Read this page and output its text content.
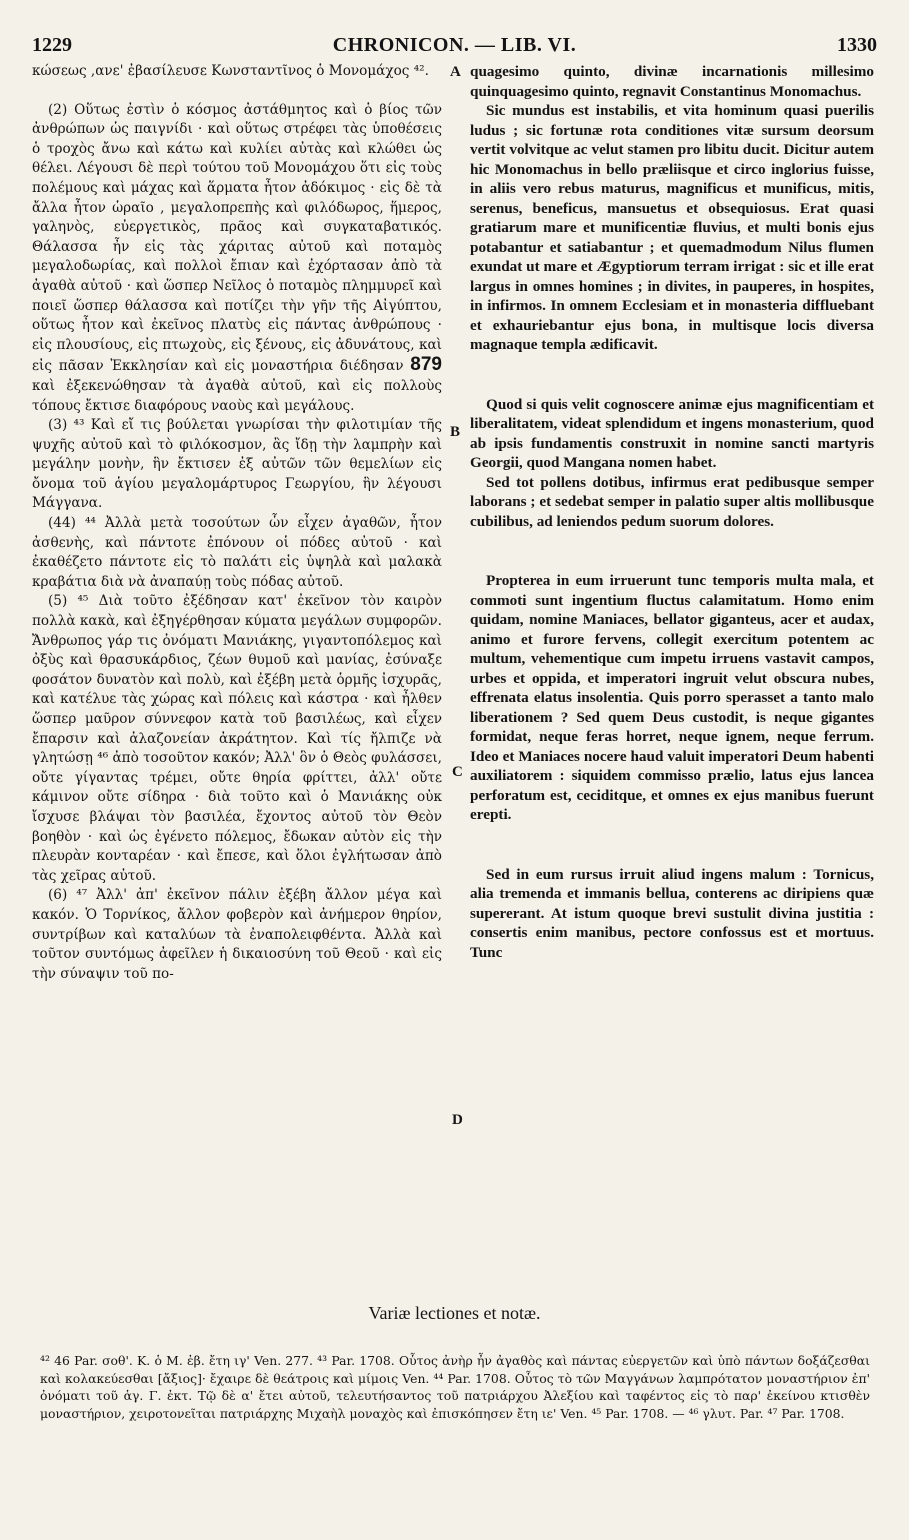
1229	CHRONICON. — LIB. VI.	1330

κώσεως ,ανε' ἐβασίλευσε Κωνσταντῖνος ὁ Μονομάχος ⁴².

(2) Οὕτως ἐστὶν ὁ κόσμος ἀστάθμητος καὶ ὁ βίος τῶν ἀνθρώπων ὡς παιγνίδι · καὶ οὕτως στρέφει τὰς ὑποθέσεις ὁ τροχὸς ἄνω καὶ κάτω καὶ κυλίει αὐτὰς καὶ κλώθει ὡς θέλει. Λέγουσι δὲ περὶ τούτου τοῦ Μονομάχου ὅτι εἰς τοὺς πολέμους καὶ μάχας καὶ ἅρματα ἦτον ἀδόκιμος · εἰς δὲ τὰ ἄλλα ἦτον ὡραῖο , μεγαλοπρεπὴς καὶ φιλόδωρος, ἥμερος, γαληνὸς, εὐεργετικὸς, πρᾶος καὶ συγκαταβατικός. Θάλασσα ἦν εἰς τὰς χάριτας αὐτοῦ καὶ ποταμὸς μεγαλοδωρίας, καὶ πολλοὶ ἔπιαν καὶ ἐχόρτασαν ἀπὸ τὰ ἀγαθὰ αὐτοῦ · καὶ ὥσπερ Νεῖλος ὁ ποταμὸς πλημμυρεῖ καὶ ποιεῖ ὥσπερ θάλασσα καὶ ποτίζει τὴν γῆν τῆς Αἰγύπτου, οὕτως ἦτον καὶ ἐκεῖνος πλατὺς εἰς πάντας ἀνθρώπους · εἰς πλουσίους, εἰς πτωχοὺς, εἰς ξένους, εἰς ἀδυνάτους, καὶ εἰς πᾶσαν Ἐκκλησίαν καὶ εἰς μοναστήρια διέδησαν 879 καὶ ἐξεκενώθησαν τὰ ἀγαθὰ αὐτοῦ, καὶ εἰς πολλοὺς τόπους ἔκτισε διαφόρους ναοὺς καὶ μεγάλους.

(3) ⁴³ Καὶ εἴ τις βούλεται γνωρίσαι τὴν φιλοτιμίαν τῆς ψυχῆς αὐτοῦ καὶ τὸ φιλόκοσμον, ἂς ἴδῃ τὴν λαμπρὴν καὶ μεγάλην μονὴν, ἣν ἔκτισεν ἐξ αὐτῶν τῶν θεμελίων εἰς ὄνομα τοῦ ἁγίου μεγαλομάρτυρος Γεωργίου, ἣν λέγουσι Μάγγανα.

(44) ⁴⁴ Ἀλλὰ μετὰ τοσούτων ὧν εἶχεν ἀγαθῶν, ἦτον ἀσθενὴς, καὶ πάντοτε ἐπόνουν οἱ πόδες αὐτοῦ · καὶ ἐκαθέζετο πάντοτε εἰς τὸ παλάτι εἰς ὑψηλὰ καὶ μαλακὰ κραβάτια διὰ νὰ ἀναπαύῃ τοὺς πόδας αὐτοῦ.

(5) ⁴⁵ Διὰ τοῦτο ἐξέδησαν κατ' ἐκεῖνον τὸν καιρὸν πολλὰ κακὰ, καὶ ἐξηγέρθησαν κύματα μεγάλων συμφορῶν. Ἄνθρωπος γάρ τις ὀνόματι Μανιάκης, γιγαντοπόλεμος καὶ ὀξὺς καὶ θρασυκάρδιος, ζέων θυμοῦ καὶ μανίας, ἐσύναξε φοσάτον δυνατὸν καὶ πολὺ, καὶ ἐξέβη μετὰ ὁρμῆς ἰσχυρᾶς, καὶ κατέλυε τὰς χώρας καὶ πόλεις καὶ κάστρα · καὶ ἦλθεν ὥσπερ μαῦρον σύννεφον κατὰ τοῦ βασιλέως, καὶ εἶχεν ἔπαρσιν καὶ ἀλαζονείαν ἀκράτητον. Καὶ τίς ἤλπιζε νὰ γλητώσῃ ⁴⁶ ἀπὸ τοσοῦτον κακόν; Ἀλλ' ὃν ὁ Θεὸς φυλάσσει, οὔτε γίγαντας τρέμει, οὔτε θηρία φρίττει, ἀλλ' οὔτε κάμινον οὔτε σίδηρα · διὰ τοῦτο καὶ ὁ Μανιάκης οὐκ ἴσχυσε βλάψαι τὸν βασιλέα, ἔχοντος αὐτοῦ τὸν Θεὸν βοηθὸν · καὶ ὡς ἐγένετο πόλεμος, ἔδωκαν αὐτὸν εἰς τὴν πλευρὰν κονταρέαν · καὶ ἔπεσε, καὶ ὅλοι ἐγλήτωσαν ἀπὸ τὰς χεῖρας αὐτοῦ.

(6) ⁴⁷ Ἀλλ' ἀπ' ἐκεῖνον πάλιν ἐξέβη ἄλλον μέγα καὶ κακόν. Ὁ Τορνίκος, ἄλλον φοβερὸν καὶ ἀνήμερον θηρίον, συντρίβων καὶ καταλύων τὰ ἐναπολειφθέντα. Ἀλλὰ καὶ τοῦτον συντόμως ἀφεῖλεν ἡ δικαιοσύνη τοῦ Θεοῦ · καὶ εἰς τὴν σύναψιν τοῦ πο-

A
B
C
D

quagesimo quinto, divinæ incarnationis millesimo quinquagesimo quinto, regnavit Constantinus Monomachus.

Sic mundus est instabilis, et vita hominum quasi puerilis ludus ; sic fortunæ rota conditiones vitæ sursum deorsum vertit volvitque ac velut stamen pro libitu ducit. Dicitur autem hic Monomachus in bello præliisque et circo inglorius fuisse, in aliis vero rebus maturus, magnificus et munificus, mitis, serenus, beneficus, mansuetus et obsequiosus. Erat quasi gratiarum mare et munificentiæ fluvius, et multi bonis ejus potabantur et satiabantur ; et quemadmodum Nilus flumen exundat ut mare et Ægyptiorum terram irrigat : sic et ille erat largus in omnes homines ; in divites, in pauperes, in hospites, in infirmos. In omnem Ecclesiam et in monasteria diffluebant et exhauriebantur ejus bona, in multisque locis diversa magnaque templa ædificavit.

Quod si quis velit cognoscere animæ ejus magnificentiam et liberalitatem, videat splendidum et ingens monasterium, quod ab ipsis fundamentis construxit in nomine sancti martyris Georgii, quod Mangana nomen habet.

Sed tot pollens dotibus, infirmus erat pedibusque semper laborans ; et sedebat semper in palatio super altis mollibusque cubilibus, ad leniendos pedum suorum dolores.

Propterea in eum irruerunt tunc temporis multa mala, et commoti sunt ingentium fluctus calamitatum. Homo enim quidam, nomine Maniaces, bellator giganteus, acer et audax, animo et furore fervens, collegit exercitum potentem ac multum, vehementique cum impetu irruens vastavit campos, urbes et oppida, et imperatori ingruit velut obscura nubes, effrenata elatus insolentia. Quis porro sperasset a tanto malo liberationem ? Sed quem Deus custodit, is neque gigantes formidat, neque feras horret, neque ignem, neque ferrum. Ideo et Maniaces nocere haud valuit imperatori Deum habenti auxiliatorem : siquidem commisso prælio, latus ejus lancea perforatum est, ceciditque, et omnes ex ejus manibus fuerunt erepti.

Sed in eum rursus irruit aliud ingens malum : Tornicus, alia tremenda et immanis bellua, conterens ac diripiens quæ supererant. At istum quoque brevi sustulit divina justitia : consertis enim manibus, pectore confossus est et mortuus. Tunc

Variæ lectiones et notæ.
⁴² 46 Par. σοθ'. Κ. ὁ Μ. ἐβ. ἔτη ιγ' Ven. 277. ⁴³ Par. 1708. Οὗτος ἀνὴρ ἦν ἀγαθὸς καὶ πάντας εὐεργετῶν καὶ ὑπὸ πάντων δοξάζεσθαι καὶ κολακεύεσθαι [ἄξιος]· ἔχαιρε δὲ θεάτροις καὶ μίμοις Ven. ⁴⁴ Par. 1708. Οὗτος τὸ τῶν Μαγγάνων λαμπρότατον μοναστήριον ἐπ' ὀνόματι τοῦ ἁγ. Γ. ἐκτ. Τῷ δὲ α' ἔτει αὐτοῦ, τελευτήσαντος τοῦ πατριάρχου Ἀλεξίου καὶ ταφέντος εἰς τὸ παρ' ἐκείνου κτισθὲν μοναστήριον, χειροτονεῖται πατριάρχης Μιχαὴλ μοναχὸς καὶ ἐπισκόπησεν ἔτη ιε' Ven. ⁴⁵ Par. 1708. — ⁴⁶ γλυτ. Par. ⁴⁷ Par. 1708.
